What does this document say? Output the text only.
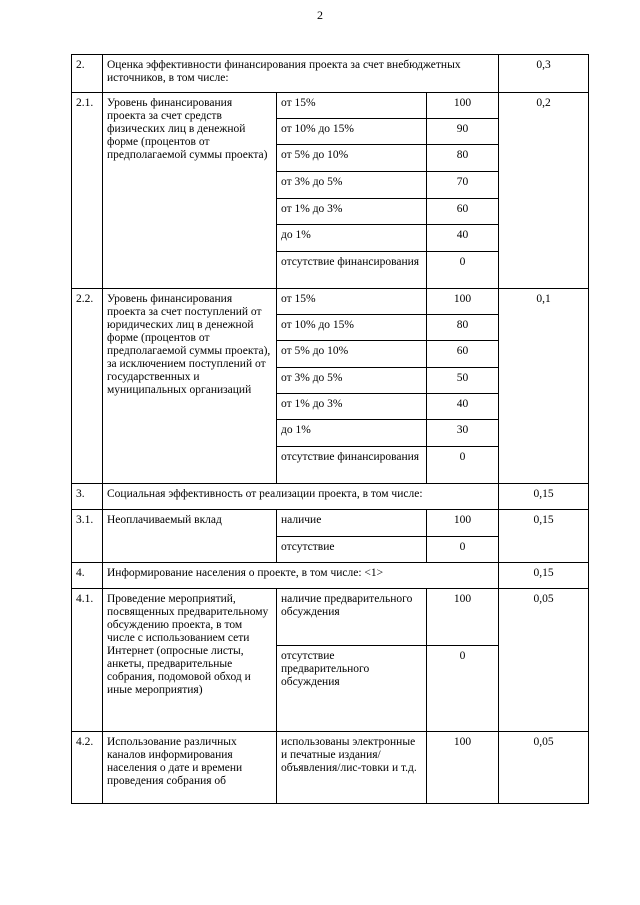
2
2.	Оценка эффективности финансирования проекта за счет внебюджетных источников, в том числе:			0,3
2.1.	Уровень финансирования проекта за счет средств физических лиц в денежной форме (процентов от предполагаемой суммы проекта)	от 15%	100	0,2
		от 10% до 15%	90	
		от 5% до 10%	80	
		от 3% до 5%	70	
		от 1% до 3%	60	
		до 1%	40	
		отсутствие финансирования	0	
2.2.	Уровень финансирования проекта за счет поступлений от юридических лиц в денежной форме (процентов от предполагаемой суммы проекта), за исключением поступлений от государственных и муниципальных организаций	от 15%	100	0,1
		от 10% до 15%	80	
		от 5% до 10%	60	
		от 3% до 5%	50	
		от 1% до 3%	40	
		до 1%	30	
		отсутствие финансирования	0	
3.	Социальная эффективность от реализации проекта, в том числе:			0,15
3.1.	Неоплачиваемый вклад	наличие	100	0,15
		отсутствие	0	
4.	Информирование населения о проекте, в том числе: <1>			0,15
4.1.	Проведение мероприятий, посвященных предварительному обсуждению проекта, в том числе с использованием сети Интернет (опросные листы, анкеты, предварительные собрания, подомовой обход и иные мероприятия)	наличие предварительного обсуждения	100	0,05
		отсутствие предварительного обсуждения	0	
4.2.	Использование различных каналов информирования населения о дате и времени проведения собрания об	использованы электронные и печатные издания/объявления/лис-товки и т.д.	100	0,05
